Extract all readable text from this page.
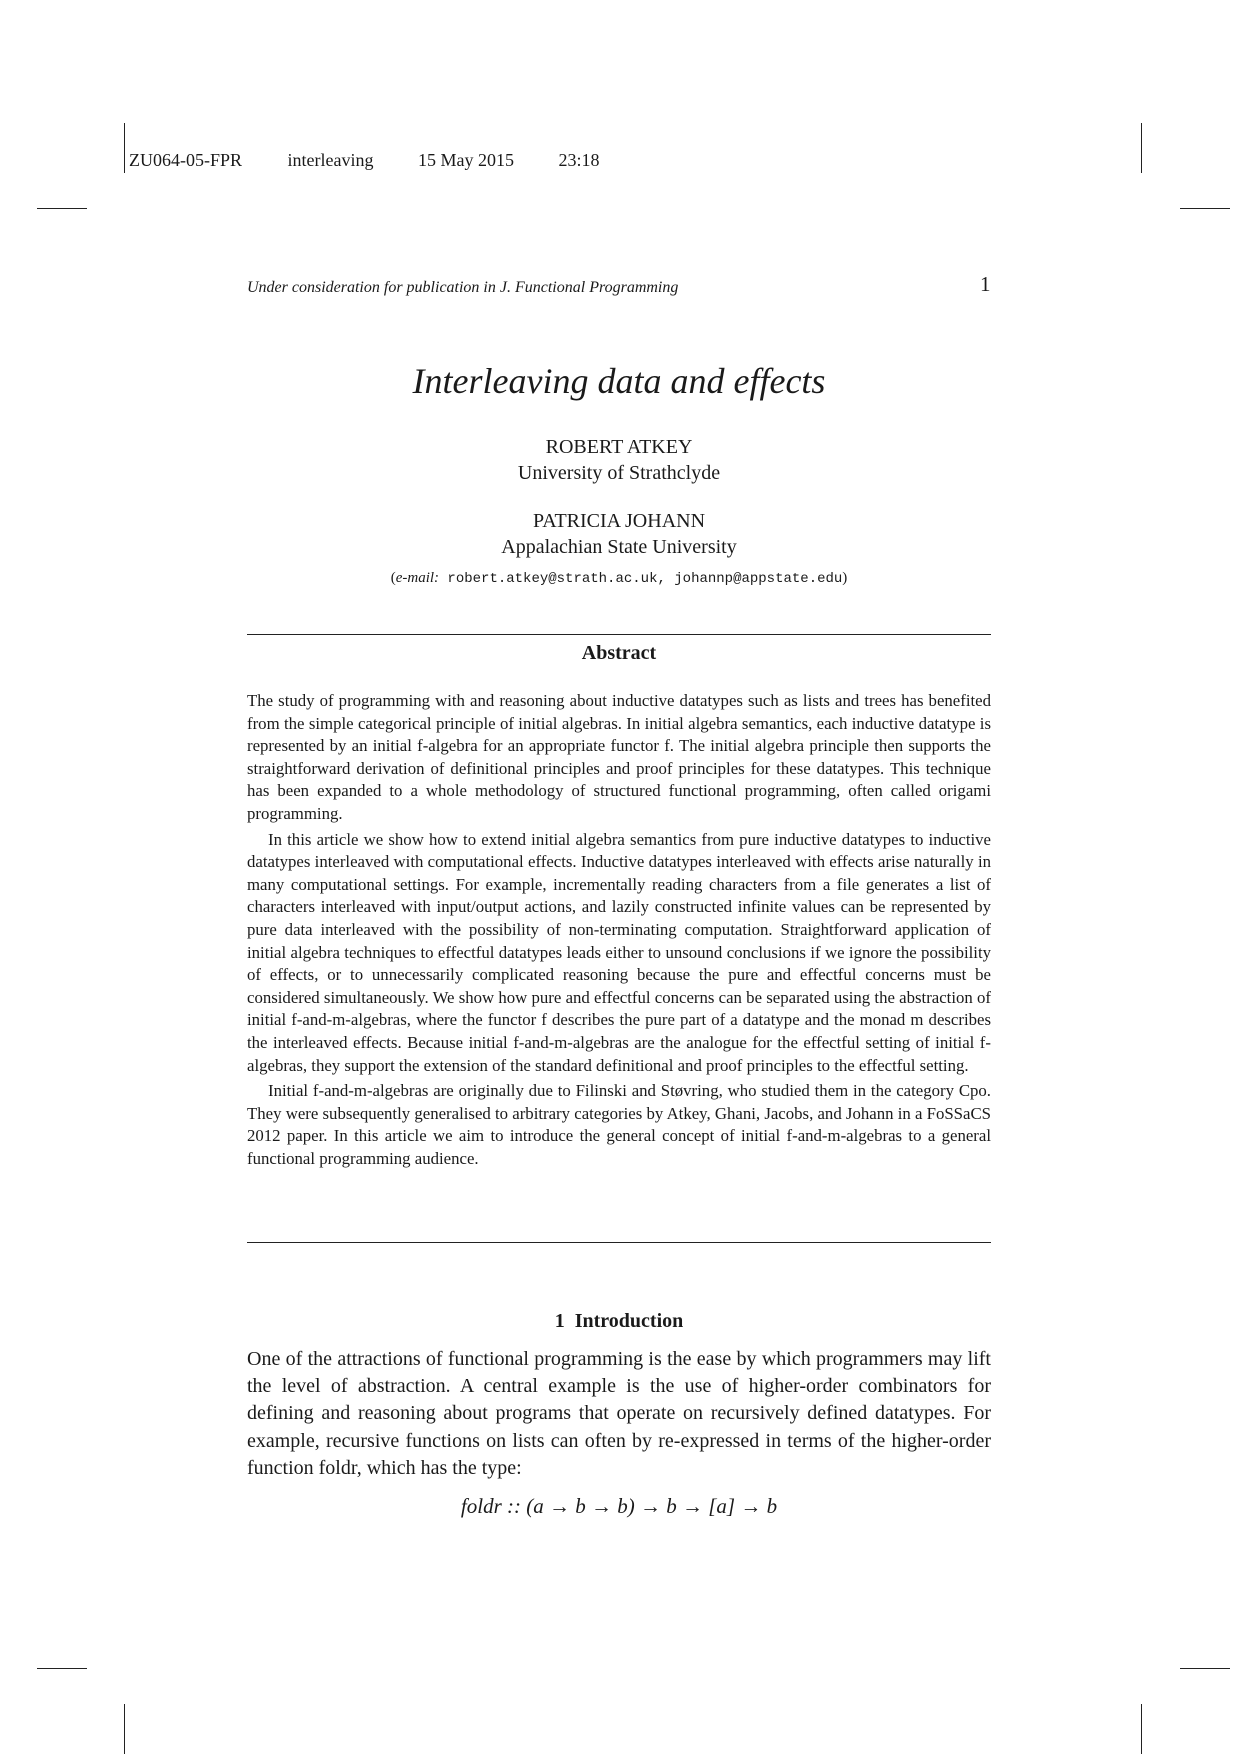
ZU064-05-FPR	interleaving 15 May 2015 23:18
Under consideration for publication in J. Functional Programming	1
Interleaving data and effects
ROBERT ATKEY
University of Strathclyde
PATRICIA JOHANN
Appalachian State University
(e-mail: robert.atkey@strath.ac.uk, johannp@appstate.edu)
Abstract

The study of programming with and reasoning about inductive datatypes such as lists and trees has benefited from the simple categorical principle of initial algebras. In initial algebra semantics, each inductive datatype is represented by an initial f-algebra for an appropriate functor f. The initial algebra principle then supports the straightforward derivation of definitional principles and proof principles for these datatypes. This technique has been expanded to a whole methodology of structured functional programming, often called origami programming.

In this article we show how to extend initial algebra semantics from pure inductive datatypes to inductive datatypes interleaved with computational effects. Inductive datatypes interleaved with effects arise naturally in many computational settings. For example, incrementally reading characters from a file generates a list of characters interleaved with input/output actions, and lazily constructed infinite values can be represented by pure data interleaved with the possibility of non-terminating computation. Straightforward application of initial algebra techniques to effectful datatypes leads either to unsound conclusions if we ignore the possibility of effects, or to unnecessarily complicated reasoning because the pure and effectful concerns must be considered simultaneously. We show how pure and effectful concerns can be separated using the abstraction of initial f-and-m-algebras, where the functor f describes the pure part of a datatype and the monad m describes the interleaved effects. Because initial f-and-m-algebras are the analogue for the effectful setting of initial f-algebras, they support the extension of the standard definitional and proof principles to the effectful setting.

Initial f-and-m-algebras are originally due to Filinski and Støvring, who studied them in the category Cpo. They were subsequently generalised to arbitrary categories by Atkey, Ghani, Jacobs, and Johann in a FoSSaCS 2012 paper. In this article we aim to introduce the general concept of initial f-and-m-algebras to a general functional programming audience.

1 Introduction

One of the attractions of functional programming is the ease by which programmers may lift the level of abstraction. A central example is the use of higher-order combinators for defining and reasoning about programs that operate on recursively defined datatypes. For example, recursive functions on lists can often by re-expressed in terms of the higher-order function foldr, which has the type:

foldr :: (a → b → b) → b → [a] → b
